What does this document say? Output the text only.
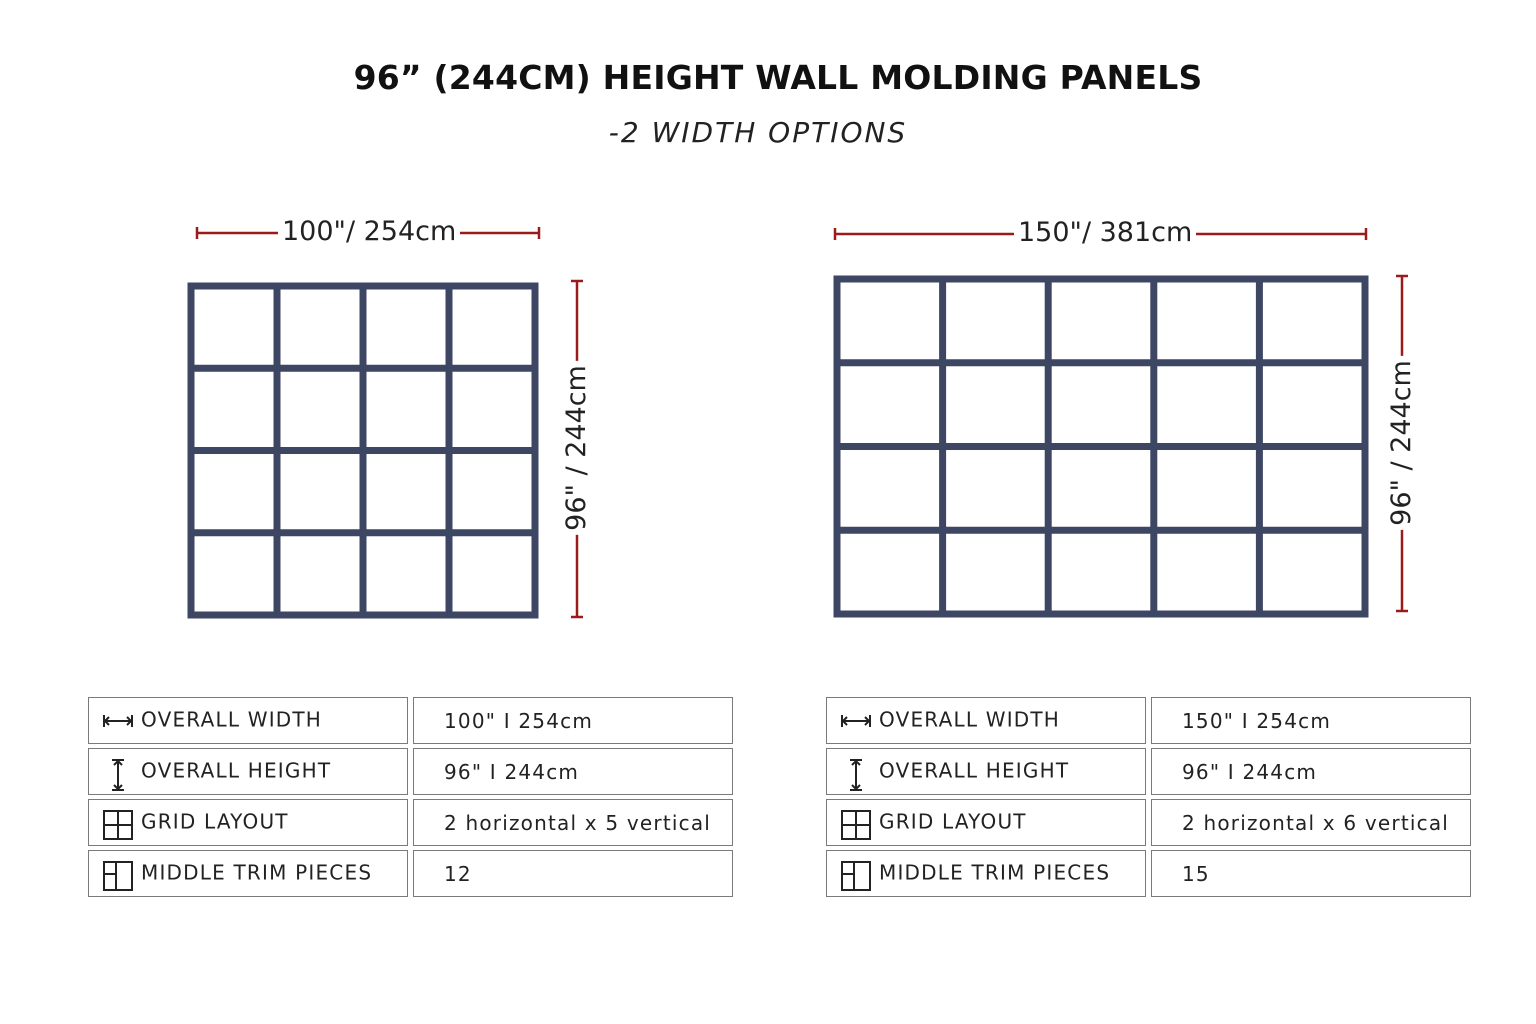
96” (244CM) HEIGHT WALL MOLDING PANELS
-2 WIDTH OPTIONS
100"/ 254cm
96" / 244cm
150"/ 381cm
96" / 244cm
OVERALL WIDTH	100" I 254cm

OVERALL HEIGHT	96" I 244cm

GRID LAYOUT	2 horizontal x 5 vertical

MIDDLE TRIM PIECES	12
OVERALL WIDTH	150" I 254cm

OVERALL HEIGHT	96" I 244cm

GRID LAYOUT	2 horizontal x 6 vertical

MIDDLE TRIM PIECES	15
